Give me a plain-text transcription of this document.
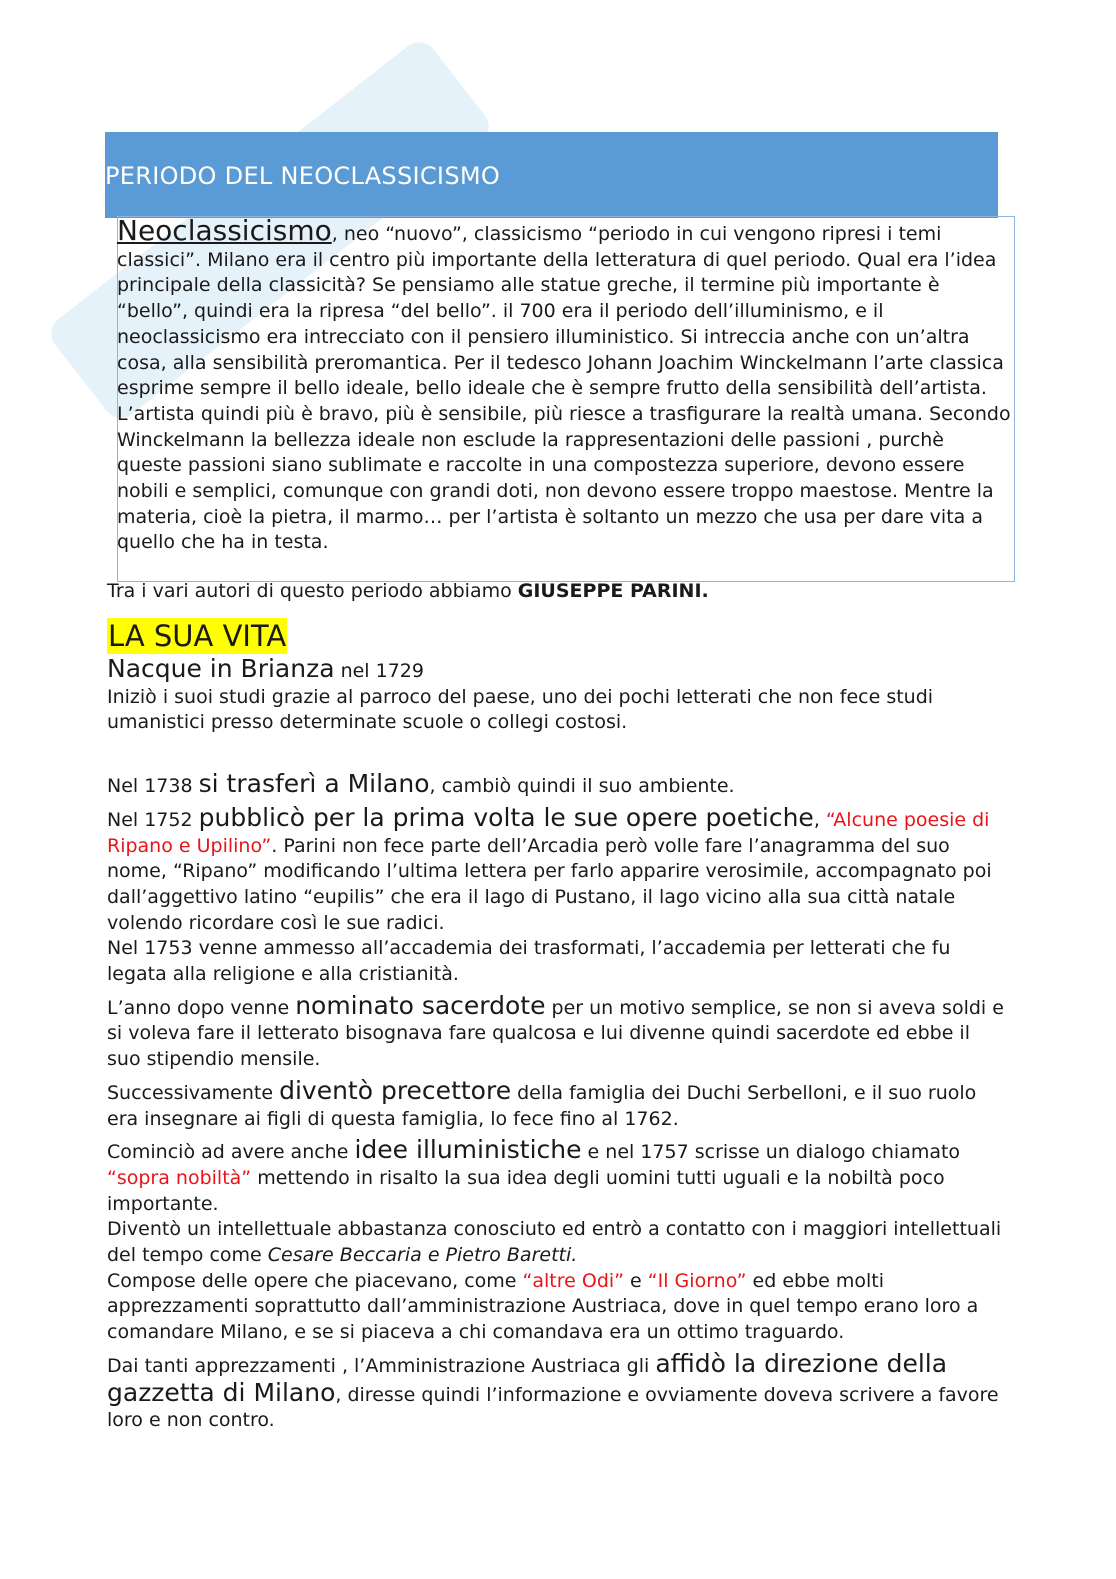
PERIODO DEL NEOCLASSICISMO
Neoclassicismo, neo “nuovo”, classicismo “periodo in cui vengono ripresi i temi classici”. Milano era il centro più importante della letteratura di quel periodo. Qual era l’idea principale della classicità? Se pensiamo alle statue greche, il termine più importante è “bello”, quindi era la ripresa “del bello”. il 700 era il periodo dell’illuminismo, e il neoclassicismo era intrecciato con il pensiero illuministico. Si intreccia anche con un’altra cosa, alla sensibilità preromantica. Per il tedesco Johann Joachim Winckelmann l’arte classica esprime sempre il bello ideale, bello ideale che è sempre frutto della sensibilità dell’artista. L’artista quindi più è bravo, più è sensibile, più riesce a trasfigurare la realtà umana. Secondo Winckelmann la bellezza ideale non esclude la rappresentazioni delle passioni , purchè queste passioni siano sublimate e raccolte in una compostezza superiore, devono essere nobili e semplici, comunque con grandi doti, non devono essere troppo maestose. Mentre la materia, cioè la pietra, il marmo… per l’artista è soltanto un mezzo che usa per dare vita a quello che ha in testa.
Tra i vari autori di questo periodo abbiamo GIUSEPPE PARINI.
LA SUA VITA

Nacque in Brianza nel 1729

Iniziò i suoi studi grazie al parroco del paese, uno dei pochi letterati che non fece studi umanistici presso determinate scuole o collegi costosi.

Nel 1738 si trasferì a Milano, cambiò quindi il suo ambiente.

Nel 1752 pubblicò per la prima volta le sue opere poetiche, “Alcune poesie di Ripano e Upilino”. Parini non fece parte dell’Arcadia però volle fare l’anagramma del suo nome, “Ripano” modificando l’ultima lettera per farlo apparire verosimile, accompagnato poi dall’aggettivo latino “eupilis” che era il lago di Pustano, il lago vicino alla sua città natale volendo ricordare così le sue radici.

Nel 1753 venne ammesso all’accademia dei trasformati, l’accademia per letterati che fu legata alla religione e alla cristianità.

L’anno dopo venne nominato sacerdote per un motivo semplice, se non si aveva soldi e si voleva fare il letterato bisognava fare qualcosa e lui divenne quindi sacerdote ed ebbe il suo stipendio mensile.

Successivamente diventò precettore della famiglia dei Duchi Serbelloni, e il suo ruolo era insegnare ai figli di questa famiglia, lo fece fino al 1762.

Cominciò ad avere anche idee illuministiche e nel 1757 scrisse un dialogo chiamato “sopra nobiltà” mettendo in risalto la sua idea degli uomini tutti uguali e la nobiltà poco importante.

Diventò un intellettuale abbastanza conosciuto ed entrò a contatto con i maggiori intellettuali del tempo come Cesare Beccaria e Pietro Baretti.

Compose delle opere che piacevano, come “altre Odi” e “Il Giorno” ed ebbe molti apprezzamenti soprattutto dall’amministrazione Austriaca, dove in quel tempo erano loro a comandare Milano, e se si piaceva a chi comandava era un ottimo traguardo.

Dai tanti apprezzamenti , l’Amministrazione Austriaca gli affidò la direzione della gazzetta di Milano, diresse quindi l’informazione e ovviamente doveva scrivere a favore loro e non contro.
